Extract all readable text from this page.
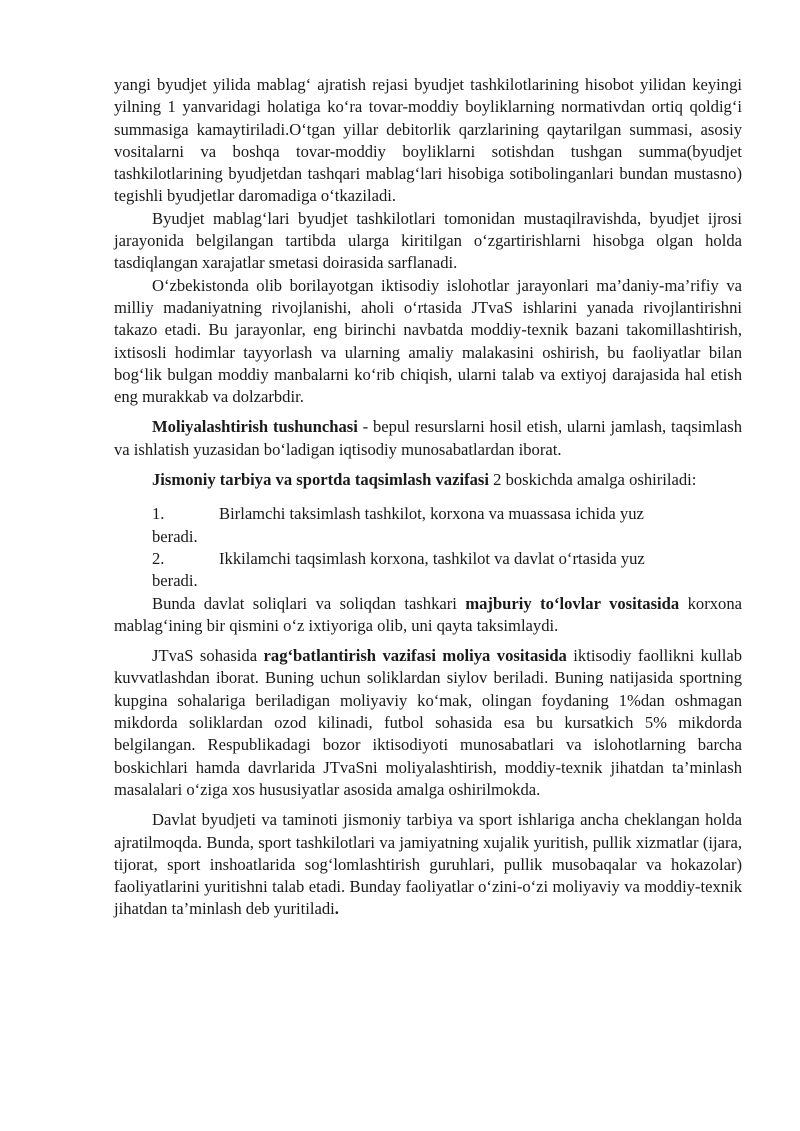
yangi byudjet yilida mablag‘ ajratish rejasi byudjet tashkilotlarining hisobot yilidan keyingi yilning 1 yanvaridagi holatiga ko‘ra tovar-moddiy boyliklarning normativdan ortiq qoldig‘i summasiga kamaytiriladi.O‘tgan yillar debitorlik qarzlarining qaytarilgan summasi, asosiy vositalarni va boshqa tovar-moddiy boyliklarni sotishdan tushgan summa(byudjet tashkilotlarining byudjetdan tashqari mablag‘lari hisobiga sotibolinganlari bundan mustasno) tegishli byudjetlar daromadiga o‘tkaziladi.

Byudjet mablag‘lari byudjet tashkilotlari tomonidan mustaqilravishda, byudjet ijrosi jarayonida belgilangan tartibda ularga kiritilgan o‘zgartirishlarni hisobga olgan holda tasdiqlangan xarajatlar smetasi doirasida sarflanadi.

O‘zbekistonda olib borilayotgan iktisodiy islohotlar jarayonlari ma’daniy-ma’rifiy va milliy madaniyatning rivojlanishi, aholi o‘rtasida JTvaS ishlarini yanada rivojlantirishni takazo etadi. Bu jarayonlar, eng birinchi navbatda moddiy-texnik bazani takomillashtirish, ixtisosli hodimlar tayyorlash va ularning amaliy malakasini oshirish, bu faoliyatlar bilan bog‘lik bulgan moddiy manbalarni ko‘rib chiqish, ularni talab va extiyoj darajasida hal etish eng murakkab va dolzarbdir.

Moliyalashtirish tushunchasi - bepul resurslarni hosil etish, ularni jamlash, taqsimlash va ishlatish yuzasidan bo‘ladigan iqtisodiy munosabatlardan iborat.

Jismoniy tarbiya va sportda taqsimlash vazifasi 2 boskichda amalga oshiriladi:

1.	Birlamchi taksimlash tashkilot, korxona va muassasa ichida yuz
beradi.
2.	Ikkilamchi taqsimlash korxona, tashkilot va davlat o‘rtasida yuz
beradi.

Bunda davlat soliqlari va soliqdan tashkari majburiy to‘lovlar vositasida korxona mablag‘ining bir qismini o‘z ixtiyoriga olib, uni qayta taksimlaydi.

JTvaS sohasida rag‘batlantirish vazifasi moliya vositasida iktisodiy faollikni kullab kuvvatlashdan iborat. Buning uchun soliklardan siylov beriladi. Buning natijasida sportning kupgina sohalariga beriladigan moliyaviy ko‘mak, olingan foydaning 1%dan oshmagan mikdorda soliklardan ozod kilinadi, futbol sohasida esa bu kursatkich 5% mikdorda belgilangan. Respublikadagi bozor iktisodiyoti munosabatlari va islohotlarning barcha boskichlari hamda davrlarida JTvaSni moliyalashtirish, moddiy-texnik jihatdan ta’minlash masalalari o‘ziga xos hususiyatlar asosida amalga oshirilmokda.

Davlat byudjeti va taminoti jismoniy tarbiya va sport ishlariga ancha cheklangan holda ajratilmoqda. Bunda, sport tashkilotlari va jamiyatning xujalik yuritish, pullik xizmatlar (ijara, tijorat, sport inshoatlarida sog‘lomlashtirish guruhlari, pullik musobaqalar va hokazolar) faoliyatlarini yuritishni talab etadi. Bunday faoliyatlar o‘zini-o‘zi moliyaviy va moddiy-texnik jihatdan ta’minlash deb yuritiladi.
